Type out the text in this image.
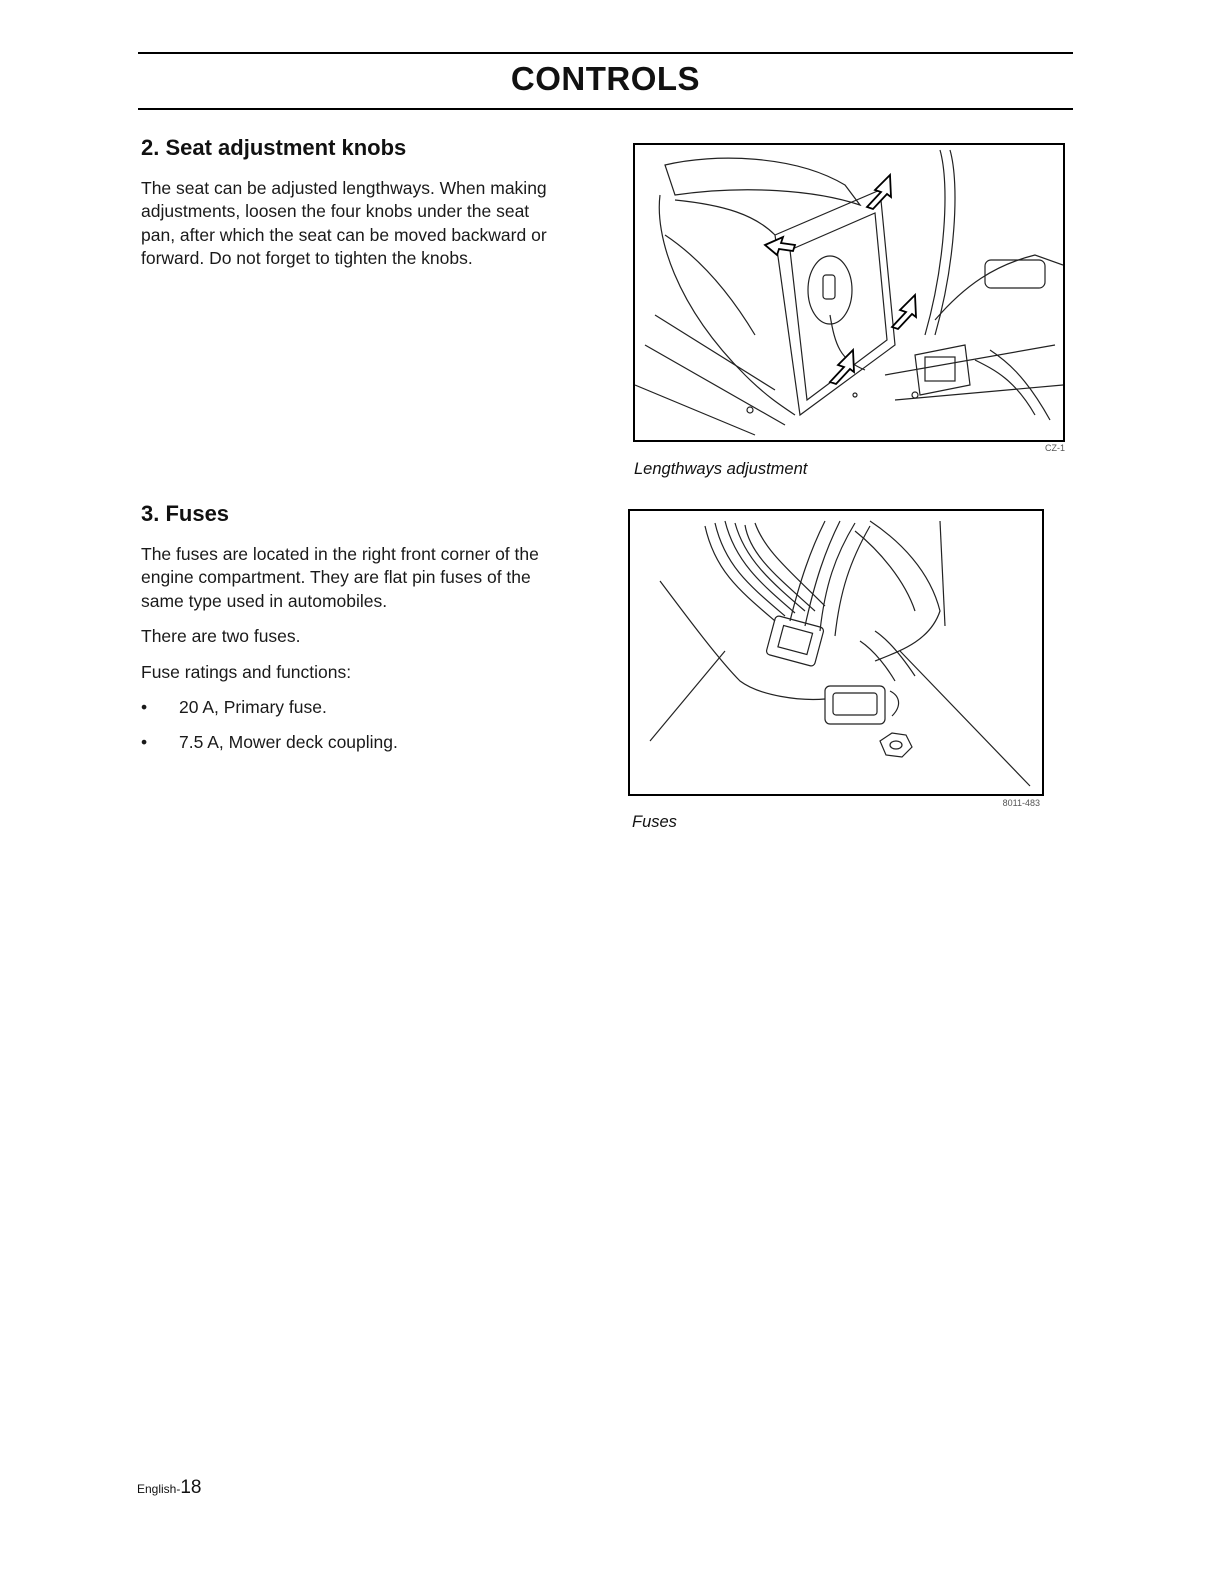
CONTROLS
2. Seat adjustment knobs

The seat can be adjusted lengthways. When making adjustments, loosen the four knobs under the seat pan, after which the seat can be moved backward or forward. Do not forget to tighten the knobs.

CZ-1
Lengthways adjustment
3. Fuses

The fuses are located in the right front corner of the engine compartment. They are flat pin fuses of the same type used in automobiles.

There are two fuses.

Fuse ratings and functions:

• 20 A, Primary fuse.
• 7.5 A, Mower deck coupling.
8011-483
Fuses
English-18
